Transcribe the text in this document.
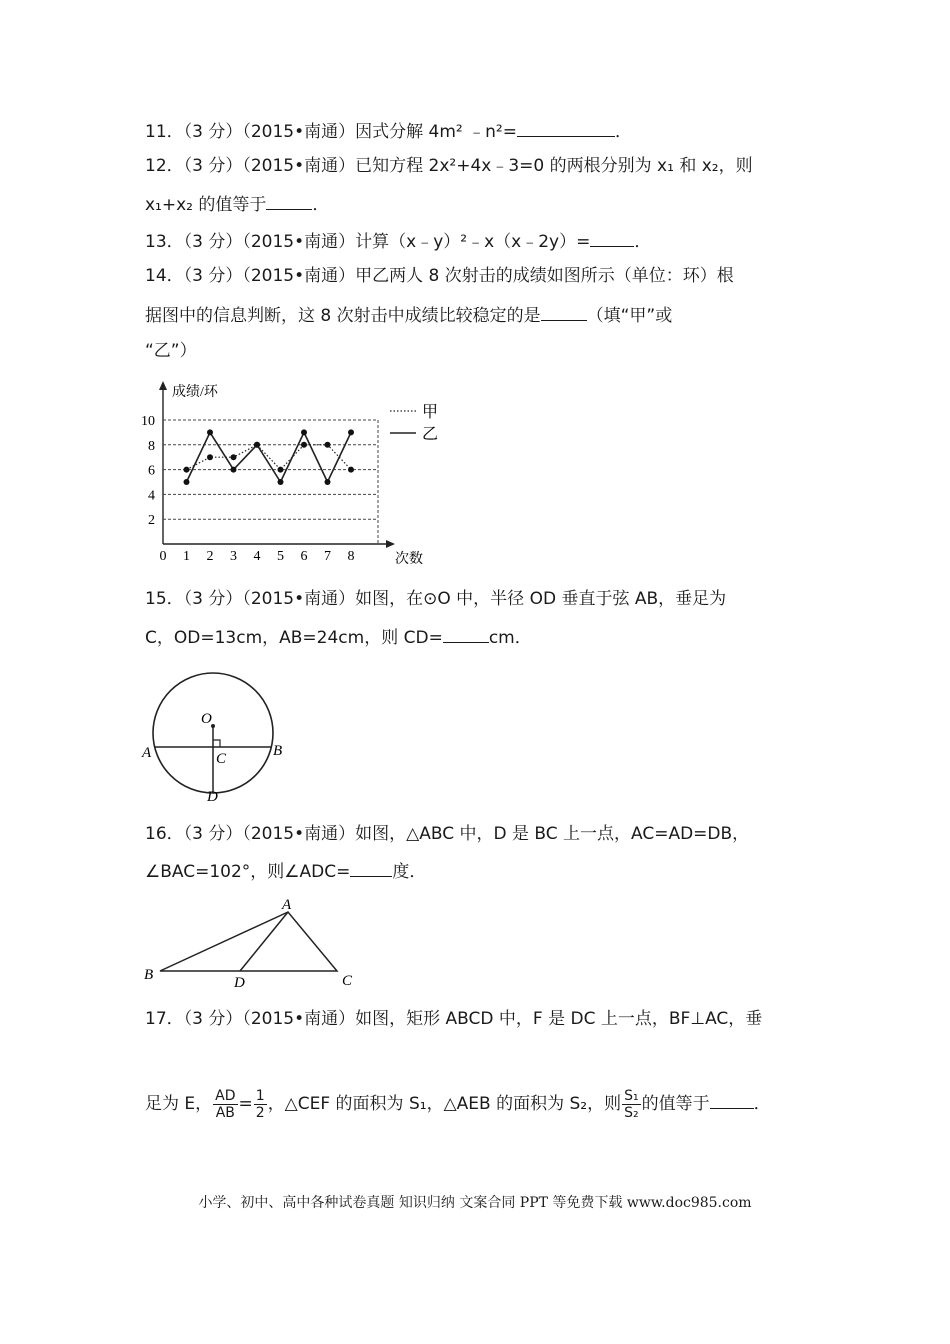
11．（3 分）（2015•南通）因式分解 4m² ﹣n²=	．
12．（3 分）（2015•南通）已知方程 2x²+4x﹣3=0 的两根分别为 x₁ 和 x₂，则
x₁+x₂ 的值等于	．
13．（3 分）（2015•南通）计算（x﹣y）²﹣x（x﹣2y）=	．
14．（3 分）（2015•南通）甲乙两人 8 次射击的成绩如图所示（单位：环）根
据图中的信息判断，这 8 次射击中成绩比较稳定的是	（填“甲”或
“乙”）
2
4
6
8
10
0 1 2 3 4 5 6 7 8
甲
乙
成绩/环
次数
15．（3 分）（2015•南通）如图，在⊙O 中，半径 OD 垂直于弦 AB，垂足为
C，OD=13cm，AB=24cm，则 CD=	cm．
O
A	B
C
D
16．（3 分）（2015•南通）如图，△ABC 中，D 是 BC 上一点，AC=AD=DB，
∠BAC=102°，则∠ADC= 度．
A
B	C
D
17．（3 分）（2015•南通）如图，矩形 ABCD 中，F 是 DC 上一点，BF⊥AC，垂
足为 E， $\frac{AD}{AB} = \frac{1}{2}$ ，△CEF 的面积为 S₁，△AEB 的面积为 S₂，则 $\frac{\text{S₁}}{\text{S₂}}$ 的值等于	．
小学、初中、高中各种试卷真题 知识归纳 文案合同 PPT 等免费下载 www.doc985.com
